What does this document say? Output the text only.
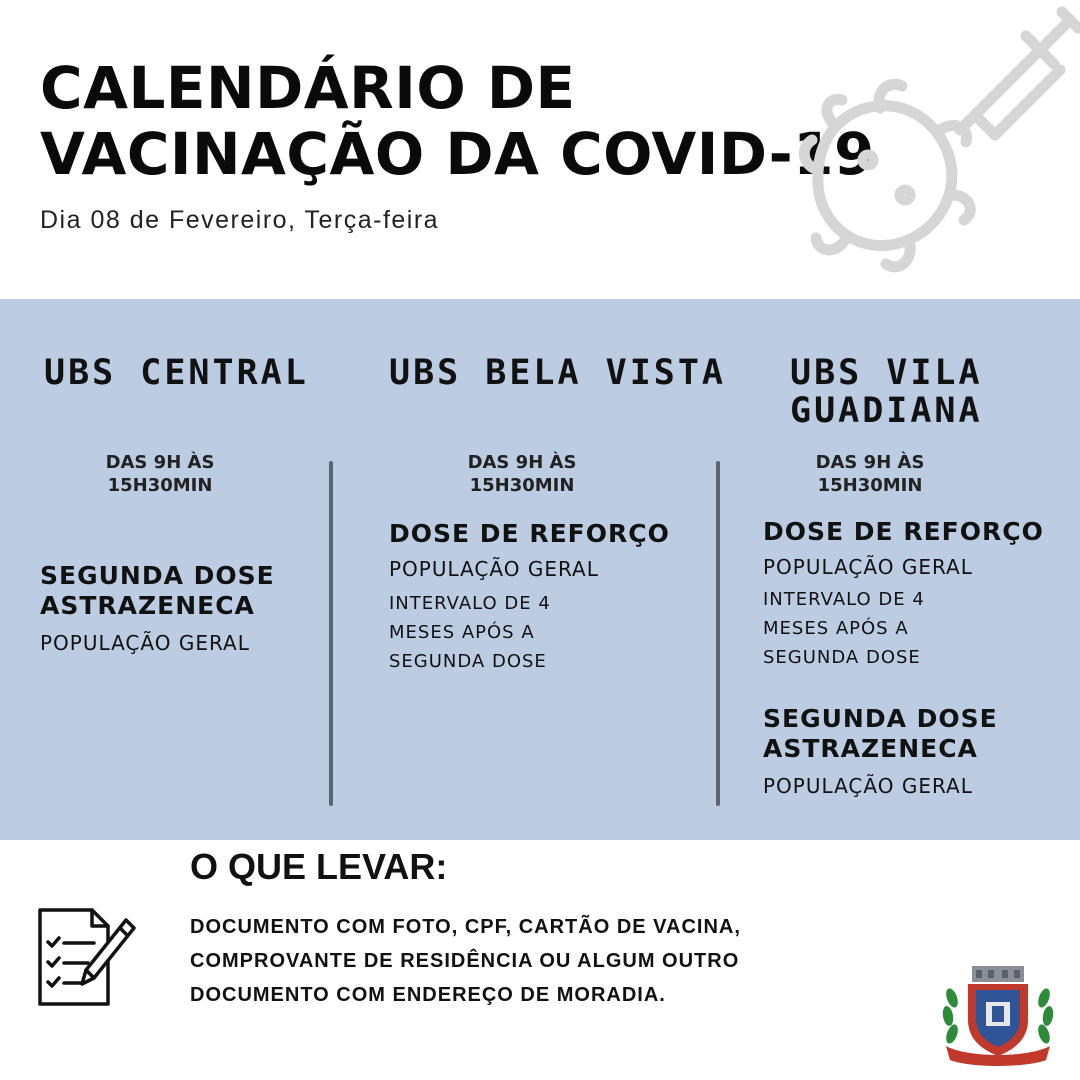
CALENDÁRIO DE
VACINAÇÃO DA COVID-19
Dia 08 de Fevereiro, Terça-feira
UBS CENTRAL
DAS 9H ÀS
15H30MIN
SEGUNDA DOSE
ASTRAZENECA
POPULAÇÃO GERAL
UBS BELA VISTA
DAS 9H ÀS
15H30MIN
DOSE DE REFORÇO
POPULAÇÃO GERAL
INTERVALO DE 4
MESES APÓS A
SEGUNDA DOSE
UBS VILA
GUADIANA
DAS 9H ÀS
15H30MIN
DOSE DE REFORÇO
POPULAÇÃO GERAL
INTERVALO DE 4
MESES APÓS A
SEGUNDA DOSE
SEGUNDA DOSE
ASTRAZENECA
POPULAÇÃO GERAL
O QUE LEVAR:
DOCUMENTO COM FOTO, CPF, CARTÃO DE VACINA,
COMPROVANTE DE RESIDÊNCIA OU ALGUM OUTRO
DOCUMENTO COM ENDEREÇO DE MORADIA.
